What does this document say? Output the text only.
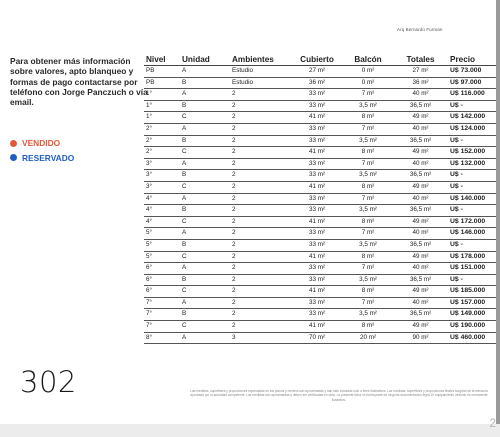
Arq Bernardo Furman
Para obtener más información sobre valores, apto blanqueo y formas de pago contactarse por teléfono con Jorge Panczuch o vía email.
VENDIDO
RESERVADO
302
Nivel	Unidad	Ambientes	Cubierto	Balcón	Totales	Precio
PB	A	Estudio	27 m²	0 m²	27 m²	U$ 73.000
PB	B	Estudio	36 m²	0 m²	36 m²	U$ 97.000
1°	A	2	33 m²	7 m²	40 m²	U$ 116.000
1°	B	2	33 m²	3,5 m²	36,5 m²	U$ -
1°	C	2	41 m²	8 m²	49 m²	U$ 142.000
2°	A	2	33 m²	7 m²	40 m²	U$ 124.000
2°	B	2	33 m²	3,5 m²	36,5 m²	U$ -
2°	C	2	41 m²	8 m²	49 m²	U$ 152.000
3°	A	2	33 m²	7 m²	40 m²	U$ 132.000
3°	B	2	33 m²	3,5 m²	36,5 m²	U$ -
3°	C	2	41 m²	8 m²	49 m²	U$ -
4°	A	2	33 m²	7 m²	40 m²	U$ 140.000
4°	B	2	33 m²	3,5 m²	36,5 m²	U$ -
4°	C	2	41 m²	8 m²	49 m²	U$ 172.000
5°	A	2	33 m²	7 m²	40 m²	U$ 146.000
5°	B	2	33 m²	3,5 m²	36,5 m²	U$ -
5°	C	2	41 m²	8 m²	49 m²	U$ 178.000
6°	A	2	33 m²	7 m²	40 m²	U$ 151.000
6°	B	2	33 m²	3,5 m²	36,5 m²	U$ -
6°	C	2	41 m²	8 m²	49 m²	U$ 185.000
7°	A	2	33 m²	7 m²	40 m²	U$ 157.000
7°	B	2	33 m²	3,5 m²	36,5 m²	U$ 149.000
7°	C	2	41 m²	8 m²	49 m²	U$ 190.000
8°	A	3	70 m²	20 m²	90 m²	U$ 460.000
Las medidas, superficies y proporciones expresadas en los planos y renders son aproximadas y han sido volcadas solo a fines ilustrativos. Las medidas, superficies y proporciones finales surgirán de la mensura aprobada por la autoridad competente. Las medidas son aproximadas y deben ser verificadas en obra. La presente ficha no forma parte de ninguna documentación legal. El equipamiento ofrecido es meramente ilustrativo.
2
